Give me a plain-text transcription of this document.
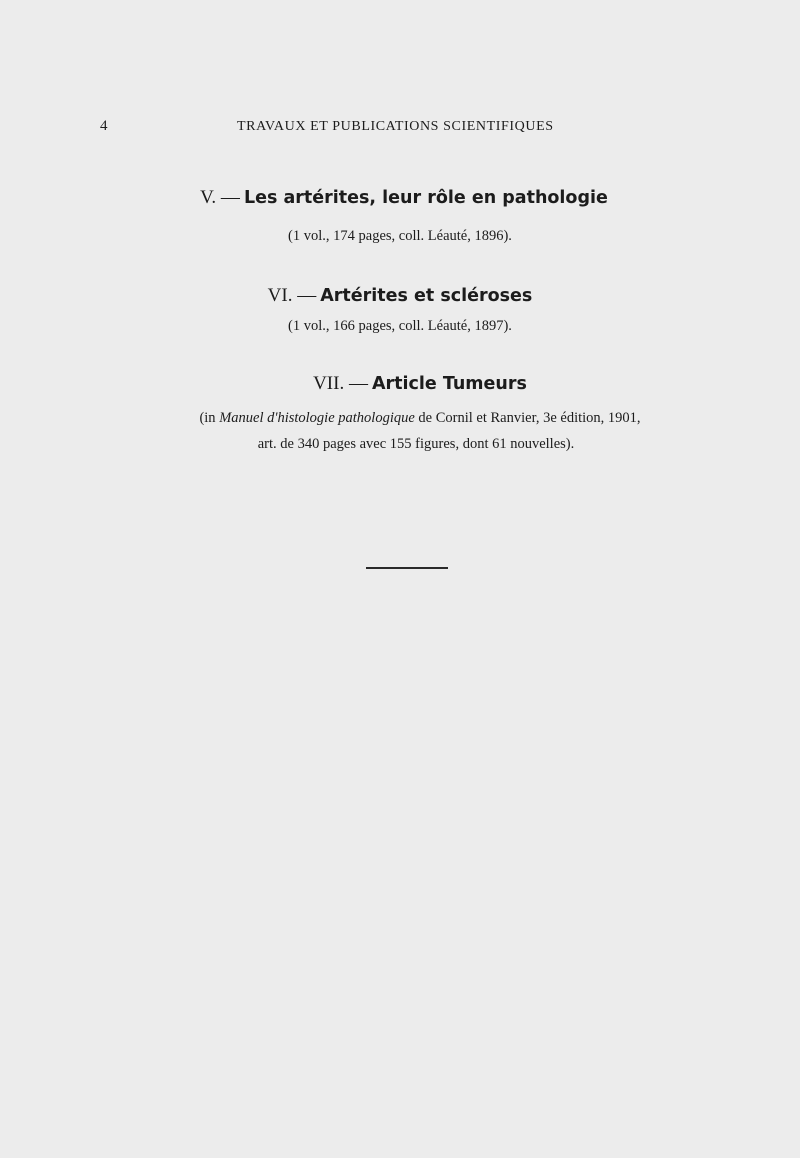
4	TRAVAUX ET PUBLICATIONS SCIENTIFIQUES
V. — Les artérites, leur rôle en pathologie
(1 vol., 174 pages, coll. Léauté, 1896).
VI. — Artérites et scléroses
(1 vol., 166 pages, coll. Léauté, 1897).
VII. — Article Tumeurs
(in Manuel d'histologie pathologique de Cornil et Ranvier, 3e édition, 1901,
art. de 340 pages avec 155 figures, dont 61 nouvelles).
